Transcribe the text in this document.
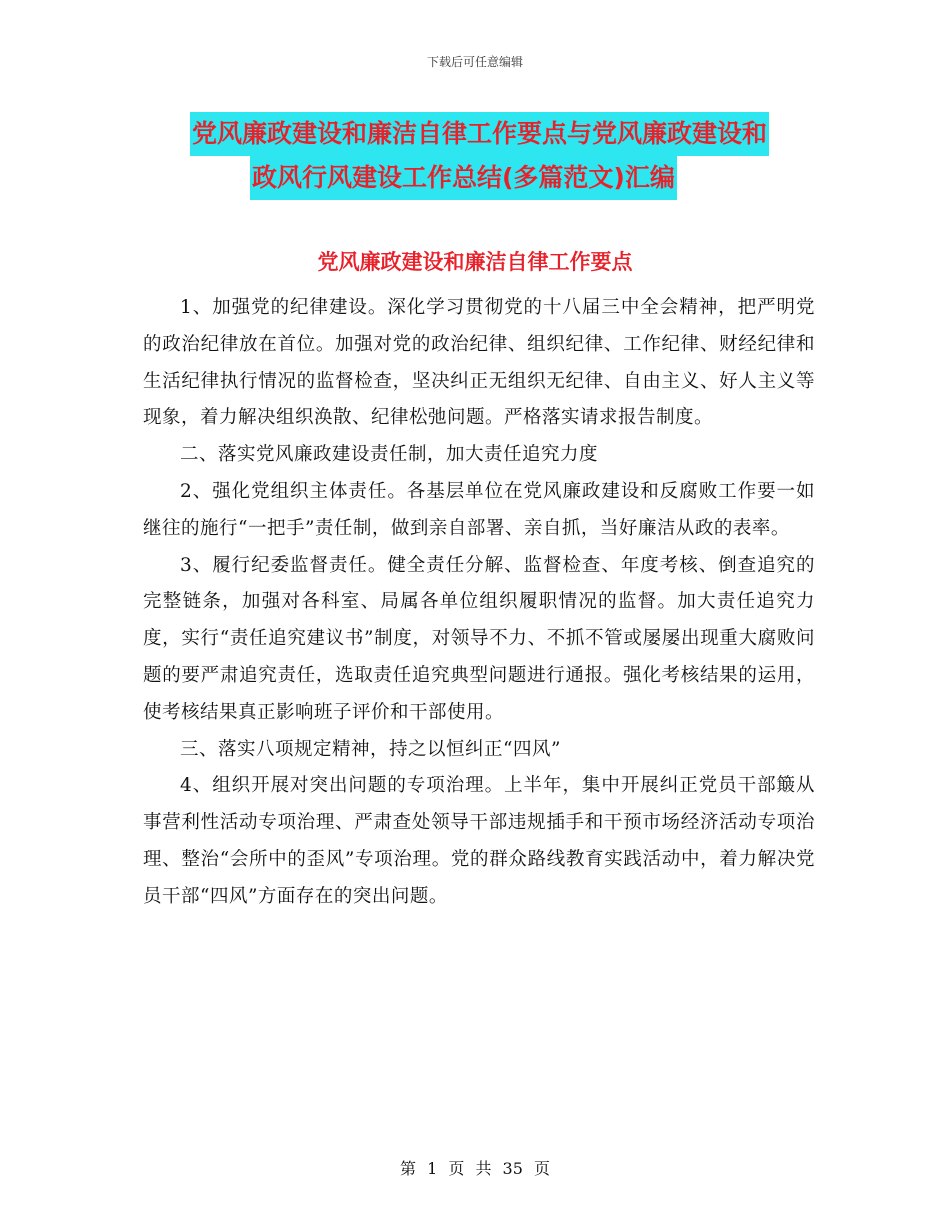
下载后可任意编辑
党风廉政建设和廉洁自律工作要点与党风廉政建设和
政风行风建设工作总结(多篇范文)汇编
党风廉政建设和廉洁自律工作要点

1、加强党的纪律建设。深化学习贯彻党的十八届三中全会精神，把严明党的政治纪律放在首位。加强对党的政治纪律、组织纪律、工作纪律、财经纪律和生活纪律执行情况的监督检查，坚决纠正无组织无纪律、自由主义、好人主义等现象，着力解决组织涣散、纪律松弛问题。严格落实请求报告制度。

二、落实党风廉政建设责任制，加大责任追究力度

2、强化党组织主体责任。各基层单位在党风廉政建设和反腐败工作要一如继往的施行“一把手”责任制，做到亲自部署、亲自抓，当好廉洁从政的表率。

3、履行纪委监督责任。健全责任分解、监督检查、年度考核、倒查追究的完整链条，加强对各科室、局属各单位组织履职情况的监督。加大责任追究力度，实行“责任追究建议书”制度，对领导不力、不抓不管或屡屡出现重大腐败问题的要严肃追究责任，选取责任追究典型问题进行通报。强化考核结果的运用，使考核结果真正影响班子评价和干部使用。

三、落实八项规定精神，持之以恒纠正“四风”

4、组织开展对突出问题的专项治理。上半年，集中开展纠正党员干部簸从事营利性活动专项治理、严肃查处领导干部违规插手和干预市场经济活动专项治理、整治“会所中的歪风”专项治理。党的群众路线教育实践活动中，着力解决党员干部“四风”方面存在的突出问题。

第 1 页 共 35 页
